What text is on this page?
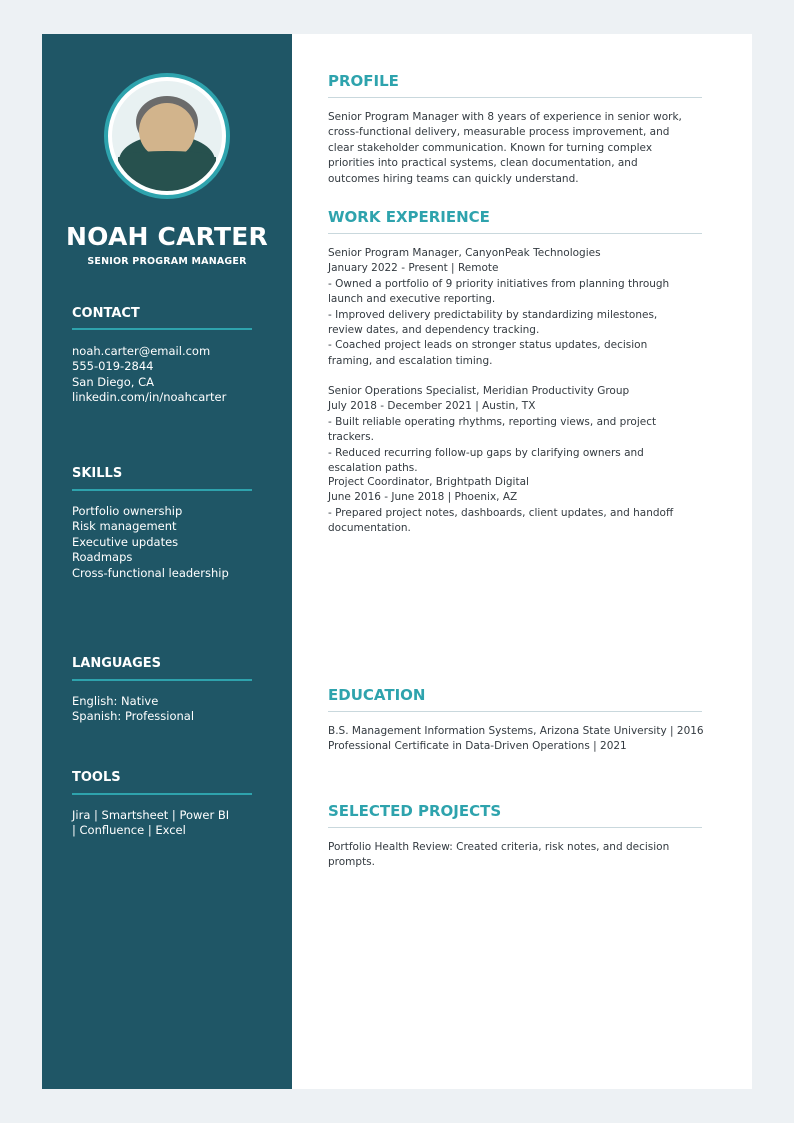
NOAH CARTER
SENIOR PROGRAM MANAGER
CONTACT
noah.carter@email.com
555-019-2844
San Diego, CA
linkedin.com/in/noahcarter
SKILLS
Portfolio ownership
Risk management
Executive updates
Roadmaps
Cross-functional leadership
LANGUAGES
English: Native
Spanish: Professional
TOOLS
Jira | Smartsheet | Power BI | Confluence | Excel
PROFILE
Senior Program Manager with 8 years of experience in senior work, cross-functional delivery, measurable process improvement, and clear stakeholder communication. Known for turning complex priorities into practical systems, clean documentation, and outcomes hiring teams can quickly understand.
WORK EXPERIENCE
Senior Program Manager, CanyonPeak Technologies
January 2022 - Present | Remote
- Owned a portfolio of 9 priority initiatives from planning through launch and executive reporting.
- Improved delivery predictability by standardizing milestones, review dates, and dependency tracking.
- Coached project leads on stronger status updates, decision framing, and escalation timing.
Senior Operations Specialist, Meridian Productivity Group
July 2018 - December 2021 | Austin, TX
- Built reliable operating rhythms, reporting views, and project trackers.
- Reduced recurring follow-up gaps by clarifying owners and escalation paths.
Project Coordinator, Brightpath Digital
June 2016 - June 2018 | Phoenix, AZ
- Prepared project notes, dashboards, client updates, and handoff documentation.
EDUCATION
B.S. Management Information Systems, Arizona State University | 2016
Professional Certificate in Data-Driven Operations | 2021
SELECTED PROJECTS
Portfolio Health Review: Created criteria, risk notes, and decision prompts.
